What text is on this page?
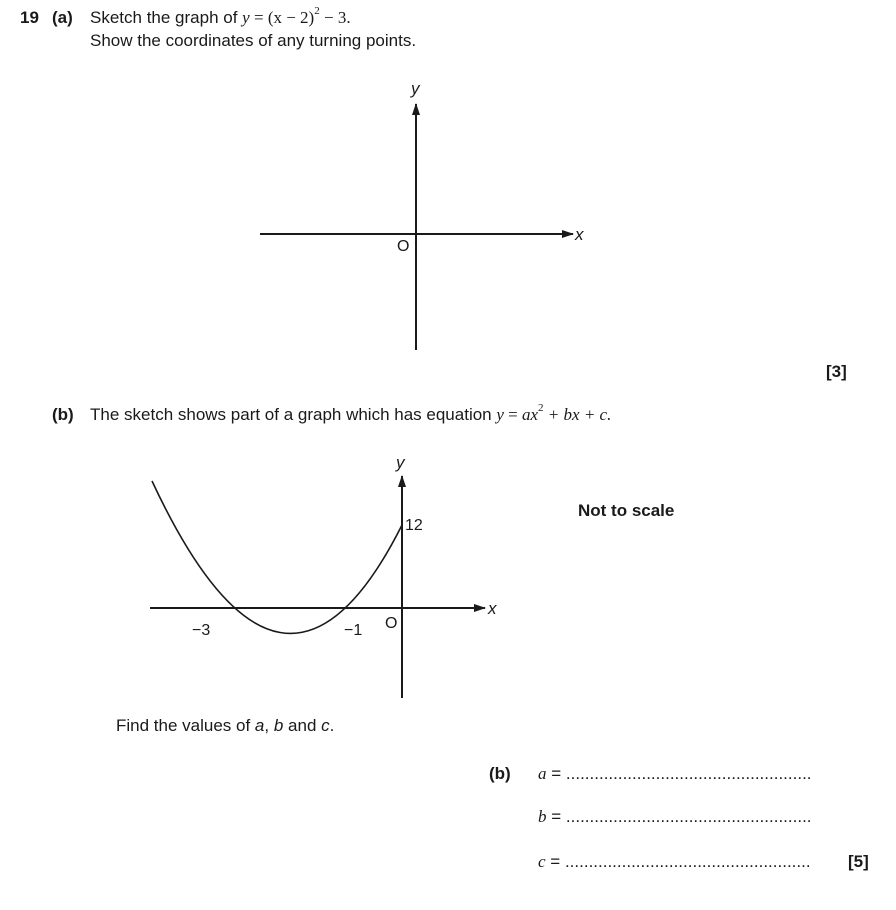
19 (a) Sketch the graph of $y = (x - 2)^2 - 3$.
Show the coordinates of any turning points.
x
y
O
[3]
(b) The sketch shows part of a graph which has equation $y = ax^2$ + bx + c.
x
y
O
−3	−1
12
Not to scale
Find the values of a, b and c.
(b) a = ....................................................
b = ....................................................
c = .................................................... [5]
